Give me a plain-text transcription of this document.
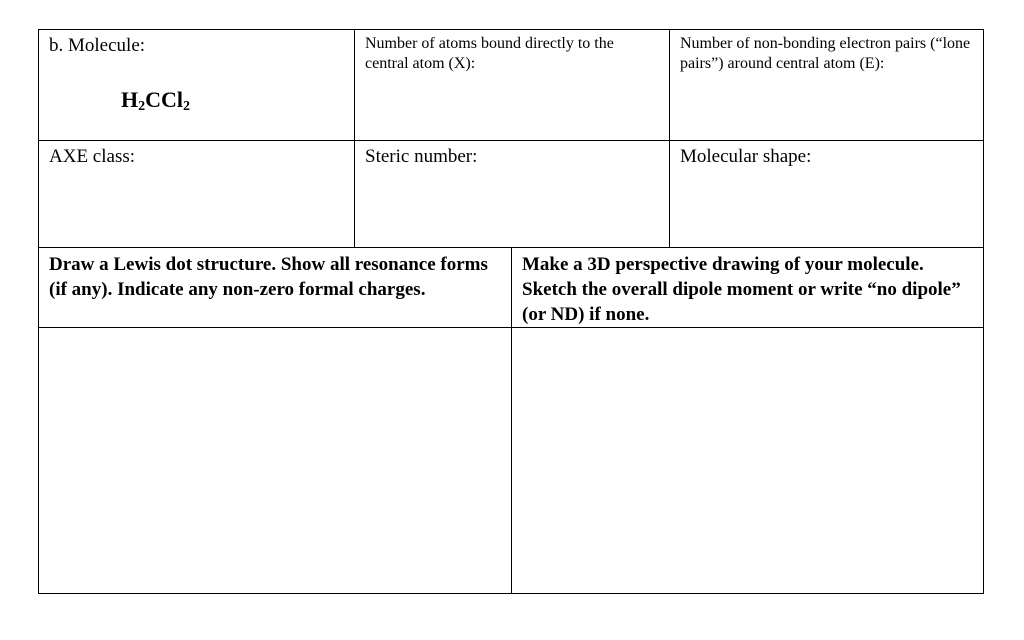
b. Molecule:
$H_2CCl_2$
Number of atoms bound directly to the central atom (X):
Number of non-bonding electron pairs (“lone pairs”) around central atom (E):
AXE class:	Steric number:	Molecular shape:
Draw a Lewis dot structure. Show all resonance forms (if any). Indicate any non-zero formal charges.
Make a 3D perspective drawing of your molecule. Sketch the overall dipole moment or write “no dipole” (or ND) if none.
